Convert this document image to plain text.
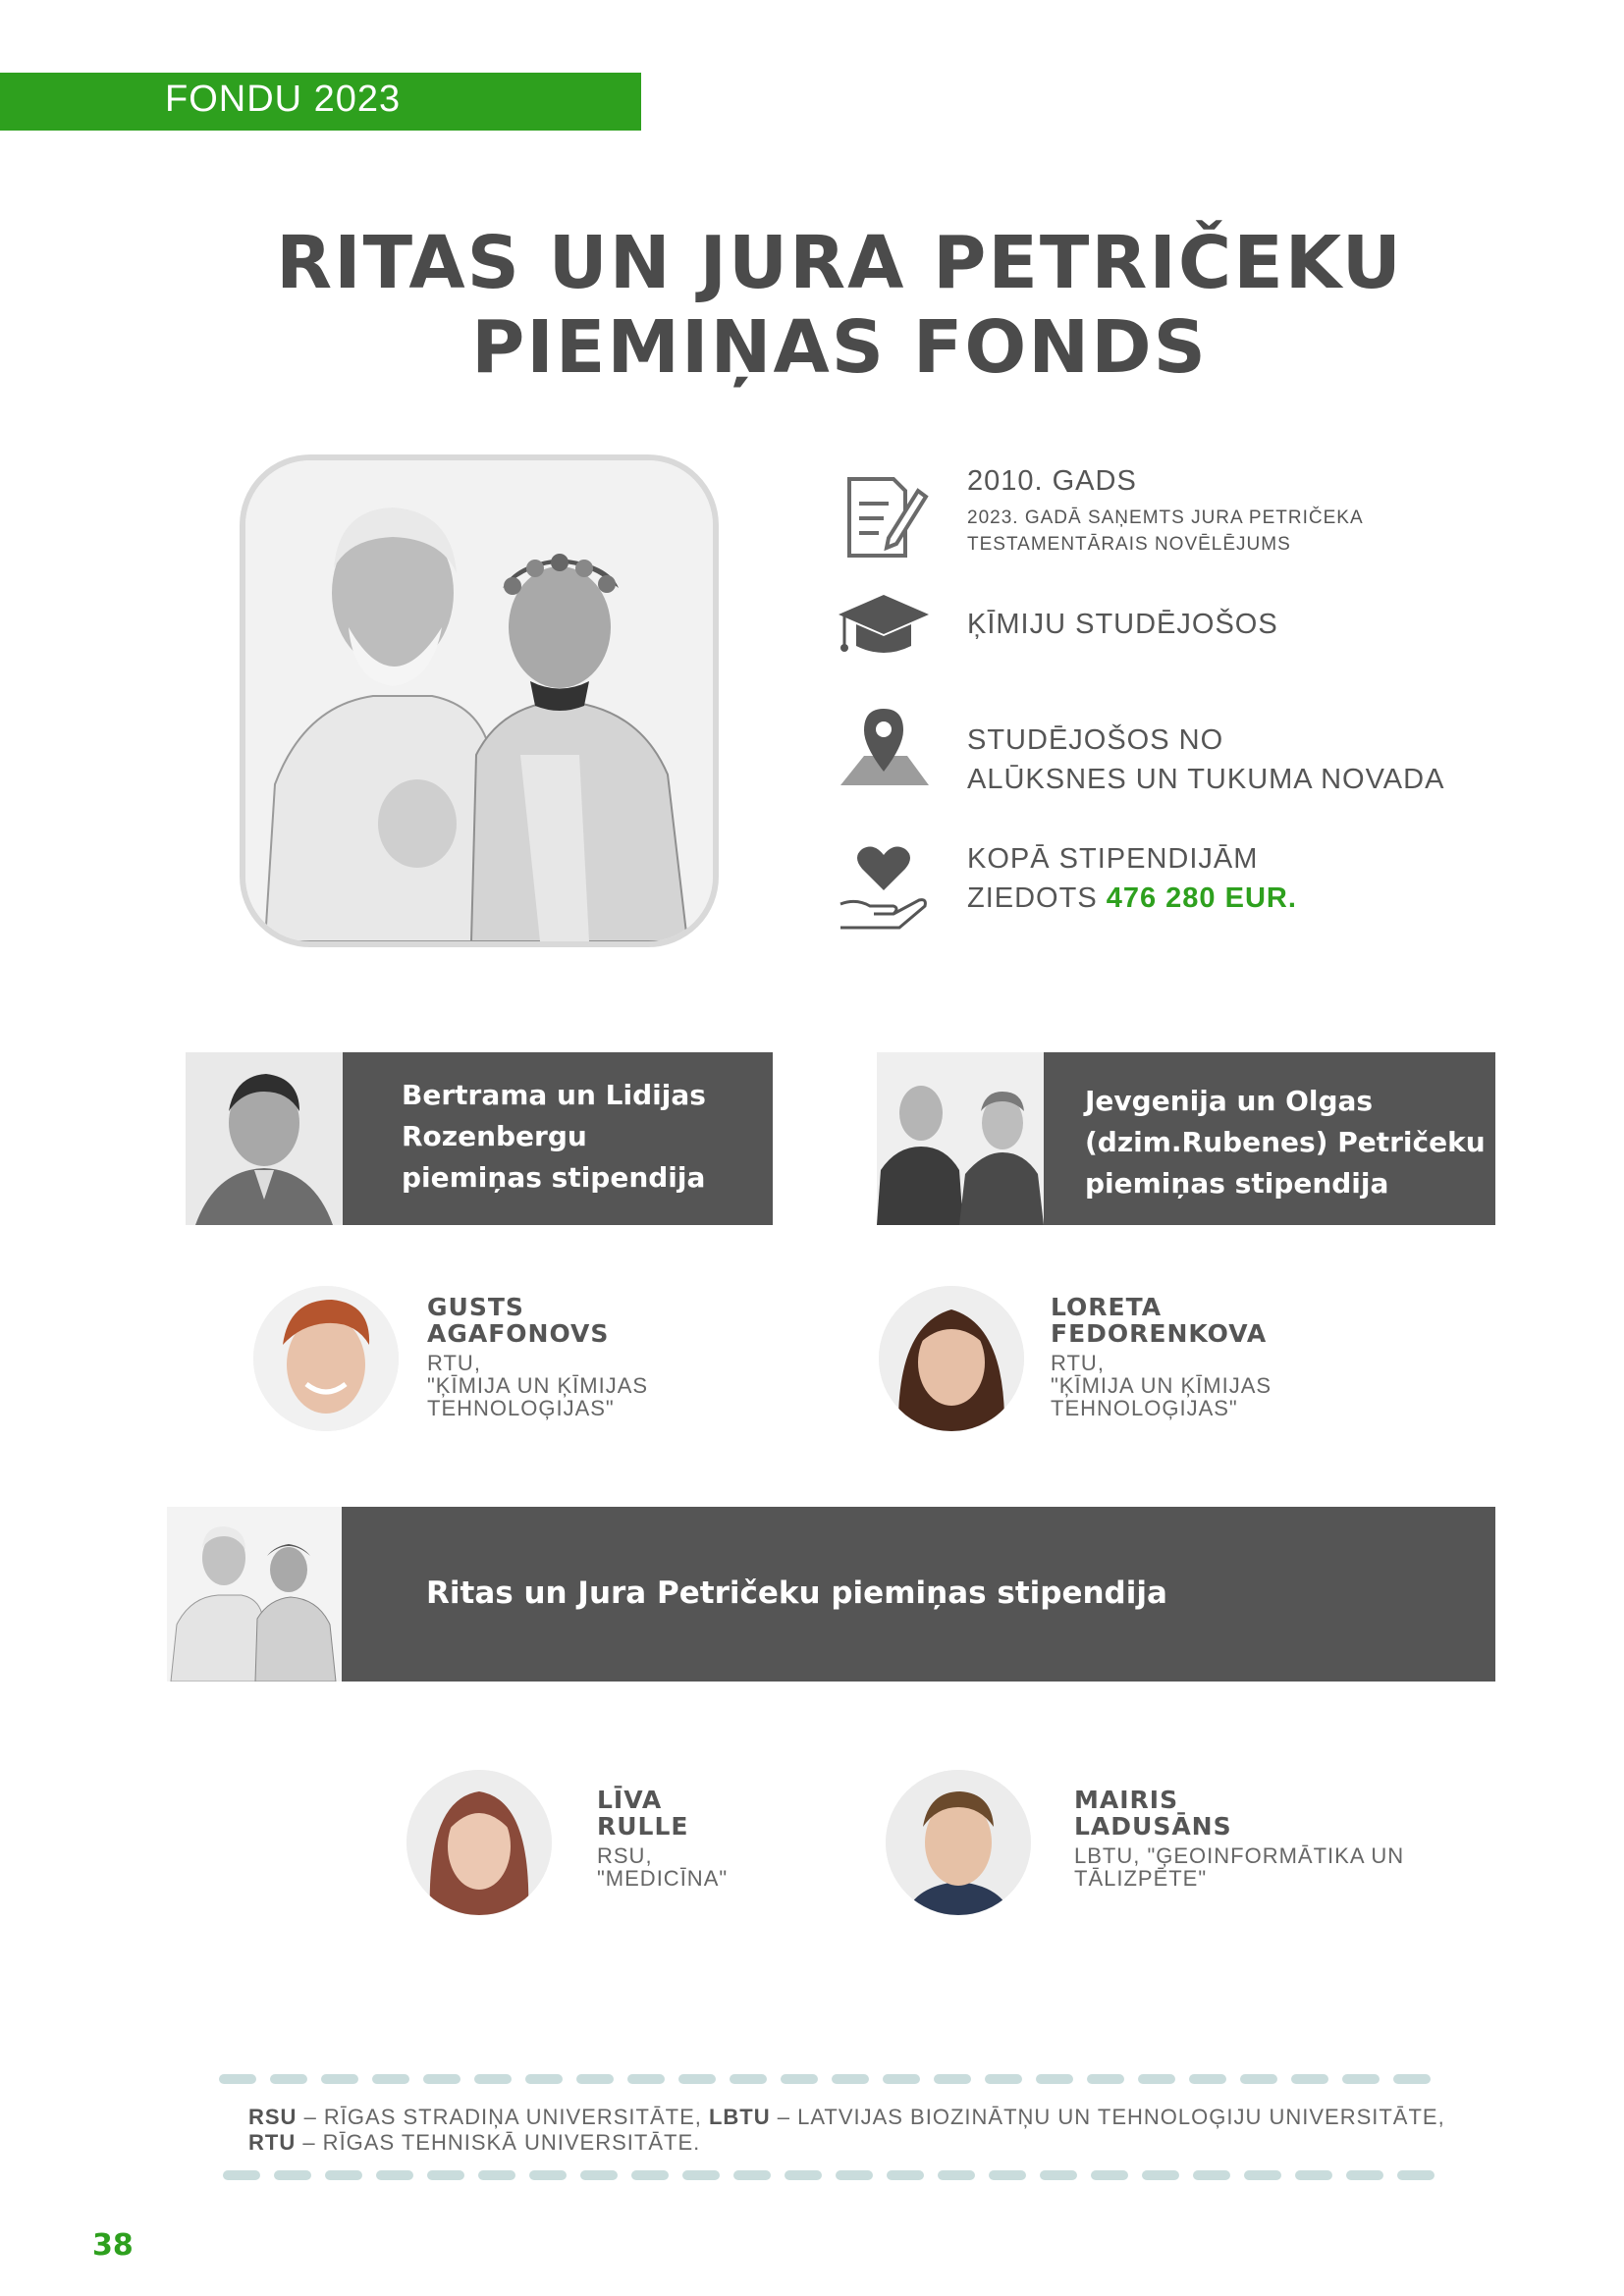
FONDU 2023
RITAS UN JURA PETRIČEKU
PIEMIŅAS FONDS
2010. GADS
2023. GADĀ SAŅEMTS JURA PETRIČEKA TESTAMENTĀRAIS NOVĒLĒJUMS
ĶĪMIJU STUDĒJOŠOS
STUDĒJOŠOS NO
ALŪKSNES UN TUKUMA NOVADA
KOPĀ STIPENDIJĀM
ZIEDOTS 476 280 EUR.
Bertrama un Lidijas
Rozenbergu
piemiņas stipendija
Jevgenija un Olgas
(dzim.Rubenes) Petričeku
piemiņas stipendija
GUSTS
AGAFONOVS
RTU,
"ĶĪMIJA UN ĶĪMIJAS
TEHNOLOĢIJAS"
LORETA
FEDORENKOVA
RTU,
"ĶĪMIJA UN ĶĪMIJAS
TEHNOLOĢIJAS"
Ritas un Jura Petričeku piemiņas stipendija
LĪVA
RULLE
RSU,
"MEDICĪNA"
MAIRIS
LADUSĀNS
LBTU, "ĢEOINFORMĀTIKA UN
TĀLIZPĒTE"
RSU – RĪGAS STRADIŅA UNIVERSITĀTE, LBTU – LATVIJAS BIOZINĀTŅU UN TEHNOLOĢIJU UNIVERSITĀTE,
RTU – RĪGAS TEHNISKĀ UNIVERSITĀTE.
38
